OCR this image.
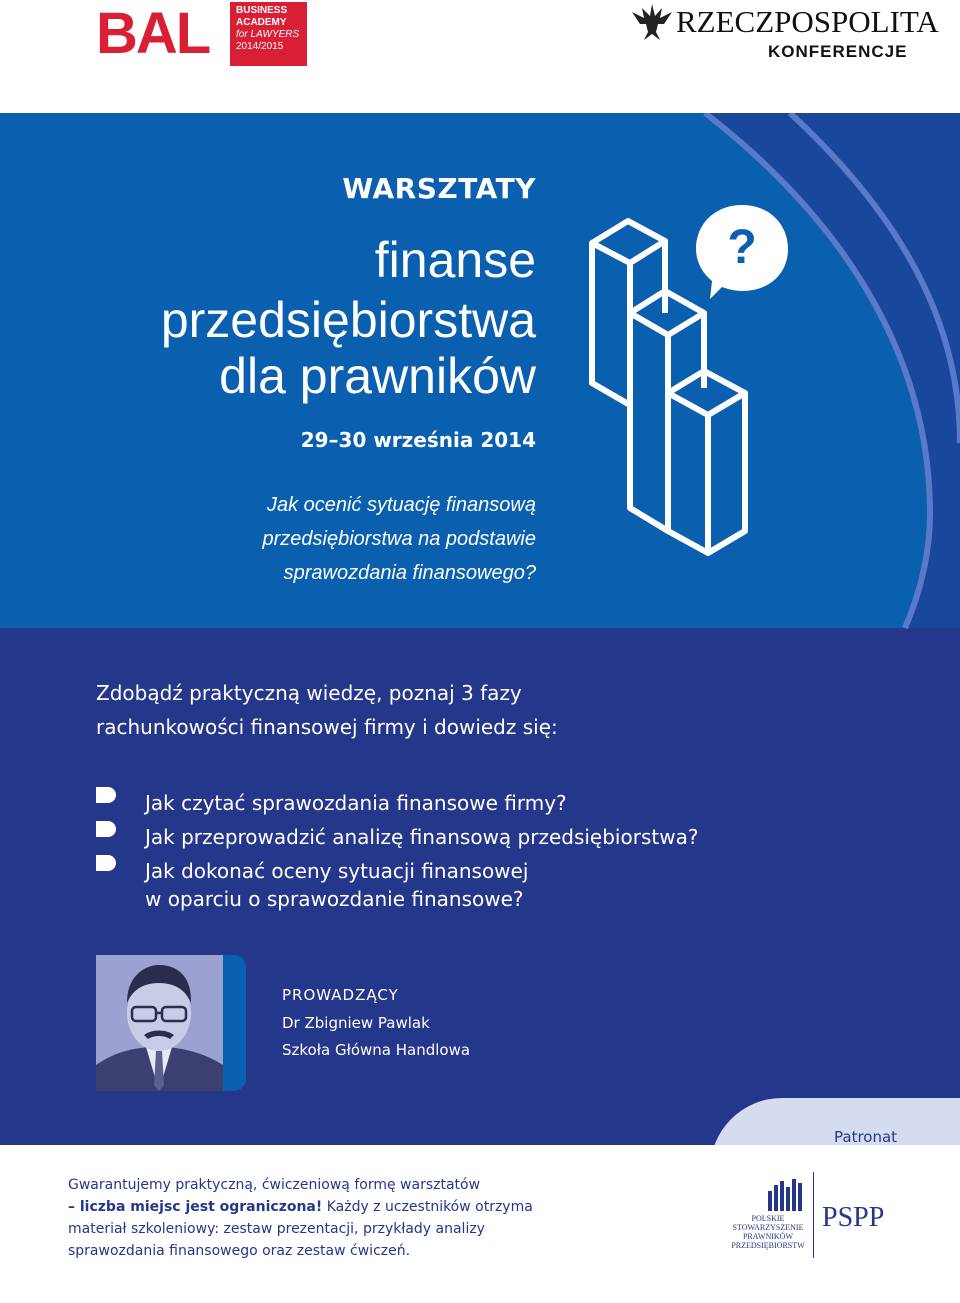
BAL	BUSINESS
ACADEMY
for LAWYERS
2014/2015
RZECZPOSPOLITA
KONFERENCJE
?
WARSZTATY
finanse
przedsiębiorstwa
dla prawników
29–30 września 2014
Jak ocenić sytuację finansową
przedsiębiorstwa na podstawie
sprawozdania finansowego?
Zdobądź praktyczną wiedzę, poznaj 3 fazy
rachunkowości finansowej firmy i dowiedz się:
Jak czytać sprawozdania finansowe firmy?
Jak przeprowadzić analizę finansową przedsiębiorstwa?
Jak dokonać oceny sytuacji finansowej
w oparciu o sprawozdanie finansowe?
PROWADZĄCY
Dr Zbigniew Pawlak
Szkoła Główna Handlowa
Patronat
Gwarantujemy praktyczną, ćwiczeniową formę warsztatów
– liczba miejsc jest ograniczona! Każdy z uczestników otrzyma
materiał szkoleniowy: zestaw prezentacji, przykłady analizy
sprawozdania finansowego oraz zestaw ćwiczeń.
POLSKIE
STOWARZYSZENIE
PRAWNIKÓW
PRZEDSIĘBIORSTW
PSPP
